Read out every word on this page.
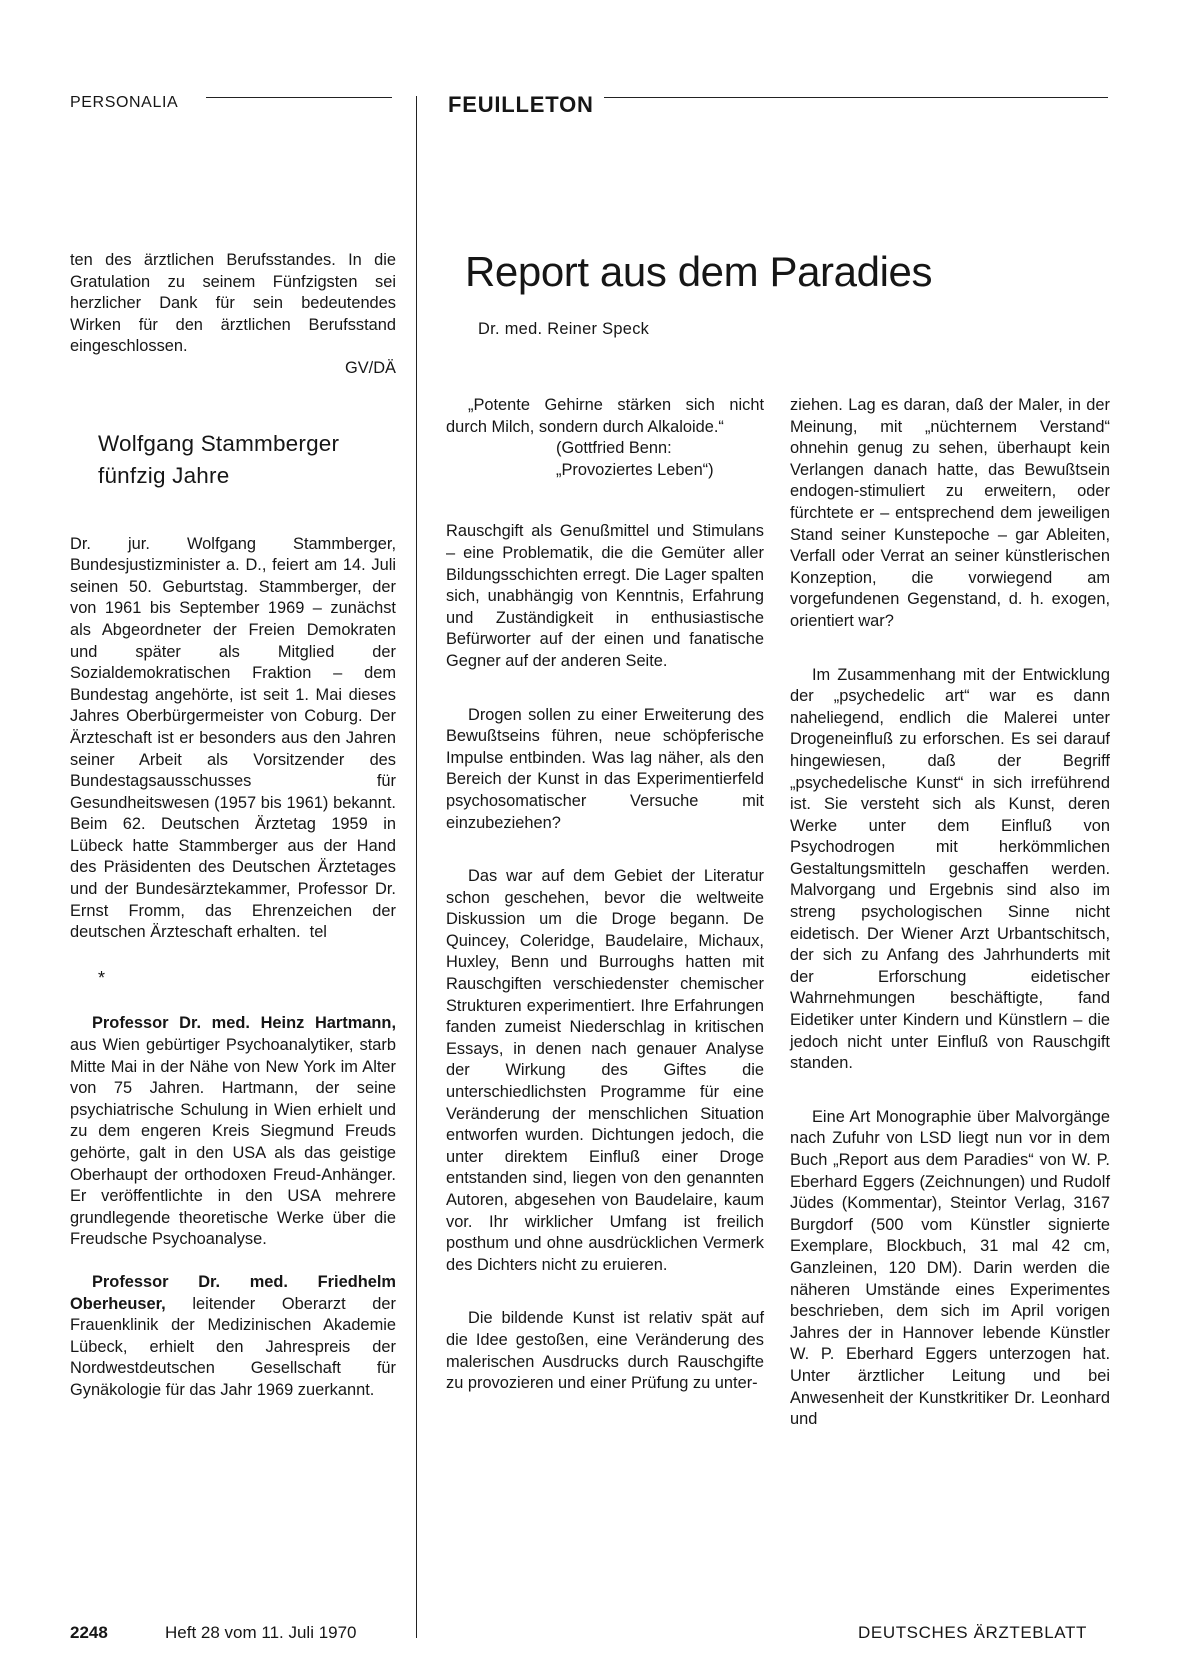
PERSONALIA	FEUILLETON

ten des ärztlichen Berufsstandes. In die Gratulation zu seinem Fünfzigsten sei herzlicher Dank für sein bedeutendes Wirken für den ärztlichen Berufsstand eingeschlossen.

GV/DÄ

Wolfgang Stammberger
fünfzig Jahre

Dr. jur. Wolfgang Stammberger, Bundesjustizminister a. D., feiert am 14. Juli seinen 50. Geburtstag. Stammberger, der von 1961 bis September 1969 – zunächst als Abgeordneter der Freien Demokraten und später als Mitglied der Sozialdemokratischen Fraktion – dem Bundestag angehörte, ist seit 1. Mai dieses Jahres Oberbürgermeister von Coburg. Der Ärzteschaft ist er besonders aus den Jahren seiner Arbeit als Vorsitzender des Bundestagsausschusses für Gesundheitswesen (1957 bis 1961) bekannt. Beim 62. Deutschen Ärztetag 1959 in Lübeck hatte Stammberger aus der Hand des Präsidenten des Deutschen Ärztetages und der Bundesärztekammer, Professor Dr. Ernst Fromm, das Ehrenzeichen der deutschen Ärzteschaft erhalten. tel

*

Professor Dr. med. Heinz Hartmann, aus Wien gebürtiger Psychoanalytiker, starb Mitte Mai in der Nähe von New York im Alter von 75 Jahren. Hartmann, der seine psychiatrische Schulung in Wien erhielt und zu dem engeren Kreis Siegmund Freuds gehörte, galt in den USA als das geistige Oberhaupt der orthodoxen Freud-Anhänger. Er veröffentlichte in den USA mehrere grundlegende theoretische Werke über die Freudsche Psychoanalyse.

Professor Dr. med. Friedhelm Oberheuser, leitender Oberarzt der Frauenklinik der Medizinischen Akademie Lübeck, erhielt den Jahrespreis der Nordwestdeutschen Gesellschaft für Gynäkologie für das Jahr 1969 zuerkannt.

Report aus dem Paradies
Dr. med. Reiner Speck

„Potente Gehirne stärken sich nicht durch Milch, sondern durch Alkaloide.“
(Gottfried Benn:
„Provoziertes Leben“)

Rauschgift als Genußmittel und Stimulans – eine Problematik, die die Gemüter aller Bildungsschichten erregt. Die Lager spalten sich, unabhängig von Kenntnis, Erfahrung und Zuständigkeit in enthusiastische Befürworter auf der einen und fanatische Gegner auf der anderen Seite.

Drogen sollen zu einer Erweiterung des Bewußtseins führen, neue schöpferische Impulse entbinden. Was lag näher, als den Bereich der Kunst in das Experimentierfeld psychosomatischer Versuche mit einzubeziehen?

Das war auf dem Gebiet der Literatur schon geschehen, bevor die weltweite Diskussion um die Droge begann. De Quincey, Coleridge, Baudelaire, Michaux, Huxley, Benn und Burroughs hatten mit Rauschgiften verschiedenster chemischer Strukturen experimentiert. Ihre Erfahrungen fanden zumeist Niederschlag in kritischen Essays, in denen nach genauer Analyse der Wirkung des Giftes die unterschiedlichsten Programme für eine Veränderung der menschlichen Situation entworfen wurden. Dichtungen jedoch, die unter direktem Einfluß einer Droge entstanden sind, liegen von den genannten Autoren, abgesehen von Baudelaire, kaum vor. Ihr wirklicher Umfang ist freilich posthum und ohne ausdrücklichen Vermerk des Dichters nicht zu eruieren.

Die bildende Kunst ist relativ spät auf die Idee gestoßen, eine Veränderung des malerischen Ausdrucks durch Rauschgifte zu provozieren und einer Prüfung zu unter-

ziehen. Lag es daran, daß der Maler, in der Meinung, mit „nüchternem Verstand“ ohnehin genug zu sehen, überhaupt kein Verlangen danach hatte, das Bewußtsein endogen-stimuliert zu erweitern, oder fürchtete er – entsprechend dem jeweiligen Stand seiner Kunstepoche – gar Ableiten, Verfall oder Verrat an seiner künstlerischen Konzeption, die vorwiegend am vorgefundenen Gegenstand, d. h. exogen, orientiert war?

Im Zusammenhang mit der Entwicklung der „psychedelic art“ war es dann naheliegend, endlich die Malerei unter Drogeneinfluß zu erforschen. Es sei darauf hingewiesen, daß der Begriff „psychedelische Kunst“ in sich irreführend ist. Sie versteht sich als Kunst, deren Werke unter dem Einfluß von Psychodrogen mit herkömmlichen Gestaltungsmitteln geschaffen werden. Malvorgang und Ergebnis sind also im streng psychologischen Sinne nicht eidetisch. Der Wiener Arzt Urbantschitsch, der sich zu Anfang des Jahrhunderts mit der Erforschung eidetischer Wahrnehmungen beschäftigte, fand Eidetiker unter Kindern und Künstlern – die jedoch nicht unter Einfluß von Rauschgift standen.

Eine Art Monographie über Malvorgänge nach Zufuhr von LSD liegt nun vor in dem Buch „Report aus dem Paradies“ von W. P. Eberhard Eggers (Zeichnungen) und Rudolf Jüdes (Kommentar), Steintor Verlag, 3167 Burgdorf (500 vom Künstler signierte Exemplare, Blockbuch, 31 mal 42 cm, Ganzleinen, 120 DM). Darin werden die näheren Umstände eines Experimentes beschrieben, dem sich im April vorigen Jahres der in Hannover lebende Künstler W. P. Eberhard Eggers unterzogen hat. Unter ärztlicher Leitung und bei Anwesenheit der Kunstkritiker Dr. Leonhard und

2248	Heft 28 vom 11. Juli 1970	DEUTSCHES ÄRZTEBLATT
